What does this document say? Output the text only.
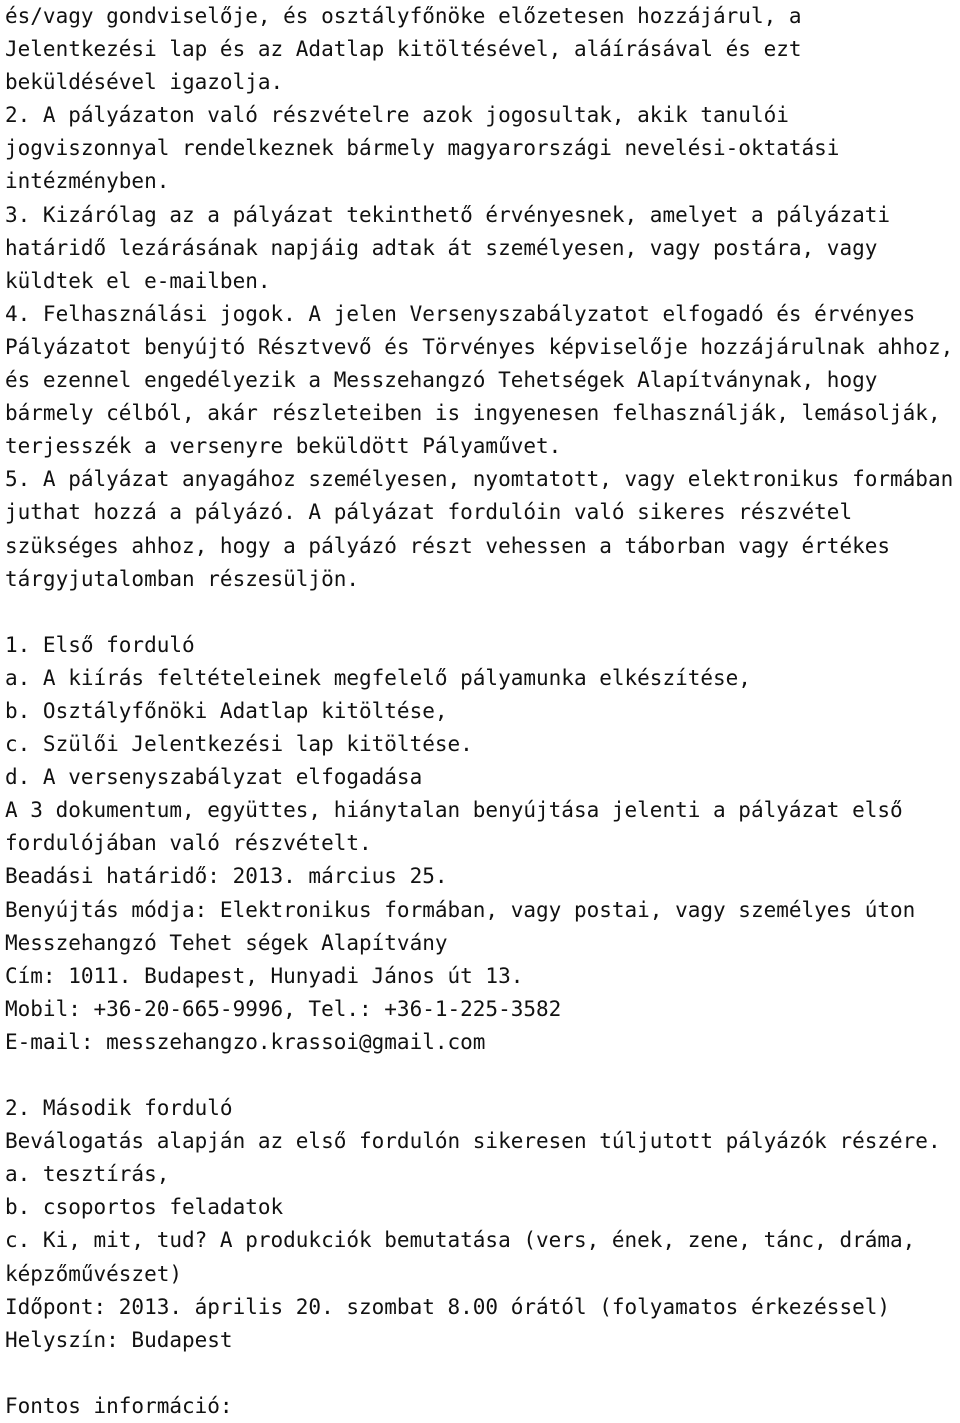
és/vagy gondviselője, és osztályfőnöke előzetesen hozzájárul, a
Jelentkezési lap és az Adatlap kitöltésével, aláírásával és ezt
beküldésével igazolja.
2. A pályázaton való részvételre azok jogosultak, akik tanulói
jogviszonnyal rendelkeznek bármely magyarországi nevelési-oktatási
intézményben.
3. Kizárólag az a pályázat tekinthető érvényesnek, amelyet a pályázati
határidő lezárásának napjáig adtak át személyesen, vagy postára, vagy
küldtek el e-mailben.
4. Felhasználási jogok. A jelen Versenyszabályzatot elfogadó és érvényes
Pályázatot benyújtó Résztvevő és Törvényes képviselője hozzájárulnak ahhoz,
és ezennel engedélyezik a Messzehangzó Tehetségek Alapítványnak, hogy
bármely célból, akár részleteiben is ingyenesen felhasználják, lemásolják,
terjesszék a versenyre beküldött Pályaművet.
5. A pályázat anyagához személyesen, nyomtatott, vagy elektronikus formában
juthat hozzá a pályázó. A pályázat fordulóin való sikeres részvétel
szükséges ahhoz, hogy a pályázó részt vehessen a táborban vagy értékes
tárgyjutalomban részesüljön.
1. Első forduló
a. A kiírás feltételeinek megfelelő pályamunka elkészítése,
b. Osztályfőnöki Adatlap kitöltése,
c. Szülői Jelentkezési lap kitöltése.
d. A versenyszabályzat elfogadása
A 3 dokumentum, együttes, hiánytalan benyújtása jelenti a pályázat első
fordulójában való részvételt.
Beadási határidő: 2013. március 25.
Benyújtás módja: Elektronikus formában, vagy postai, vagy személyes úton
Messzehangzó Tehet ségek Alapítvány
Cím: 1011. Budapest, Hunyadi János út 13.
Mobil: +36-20-665-9996, Tel.: +36-1-225-3582
E-mail: messzehangzo.krassoi@gmail.com
2. Második forduló
Beválogatás alapján az első fordulón sikeresen túljutott pályázók részére.
a. tesztírás,
b. csoportos feladatok
c. Ki, mit, tud? A produkciók bemutatása (vers, ének, zene, tánc, dráma,
képzőművészet)
Időpont: 2013. április 20. szombat 8.00 órától (folyamatos érkezéssel)
Helyszín: Budapest
Fontos információ:
